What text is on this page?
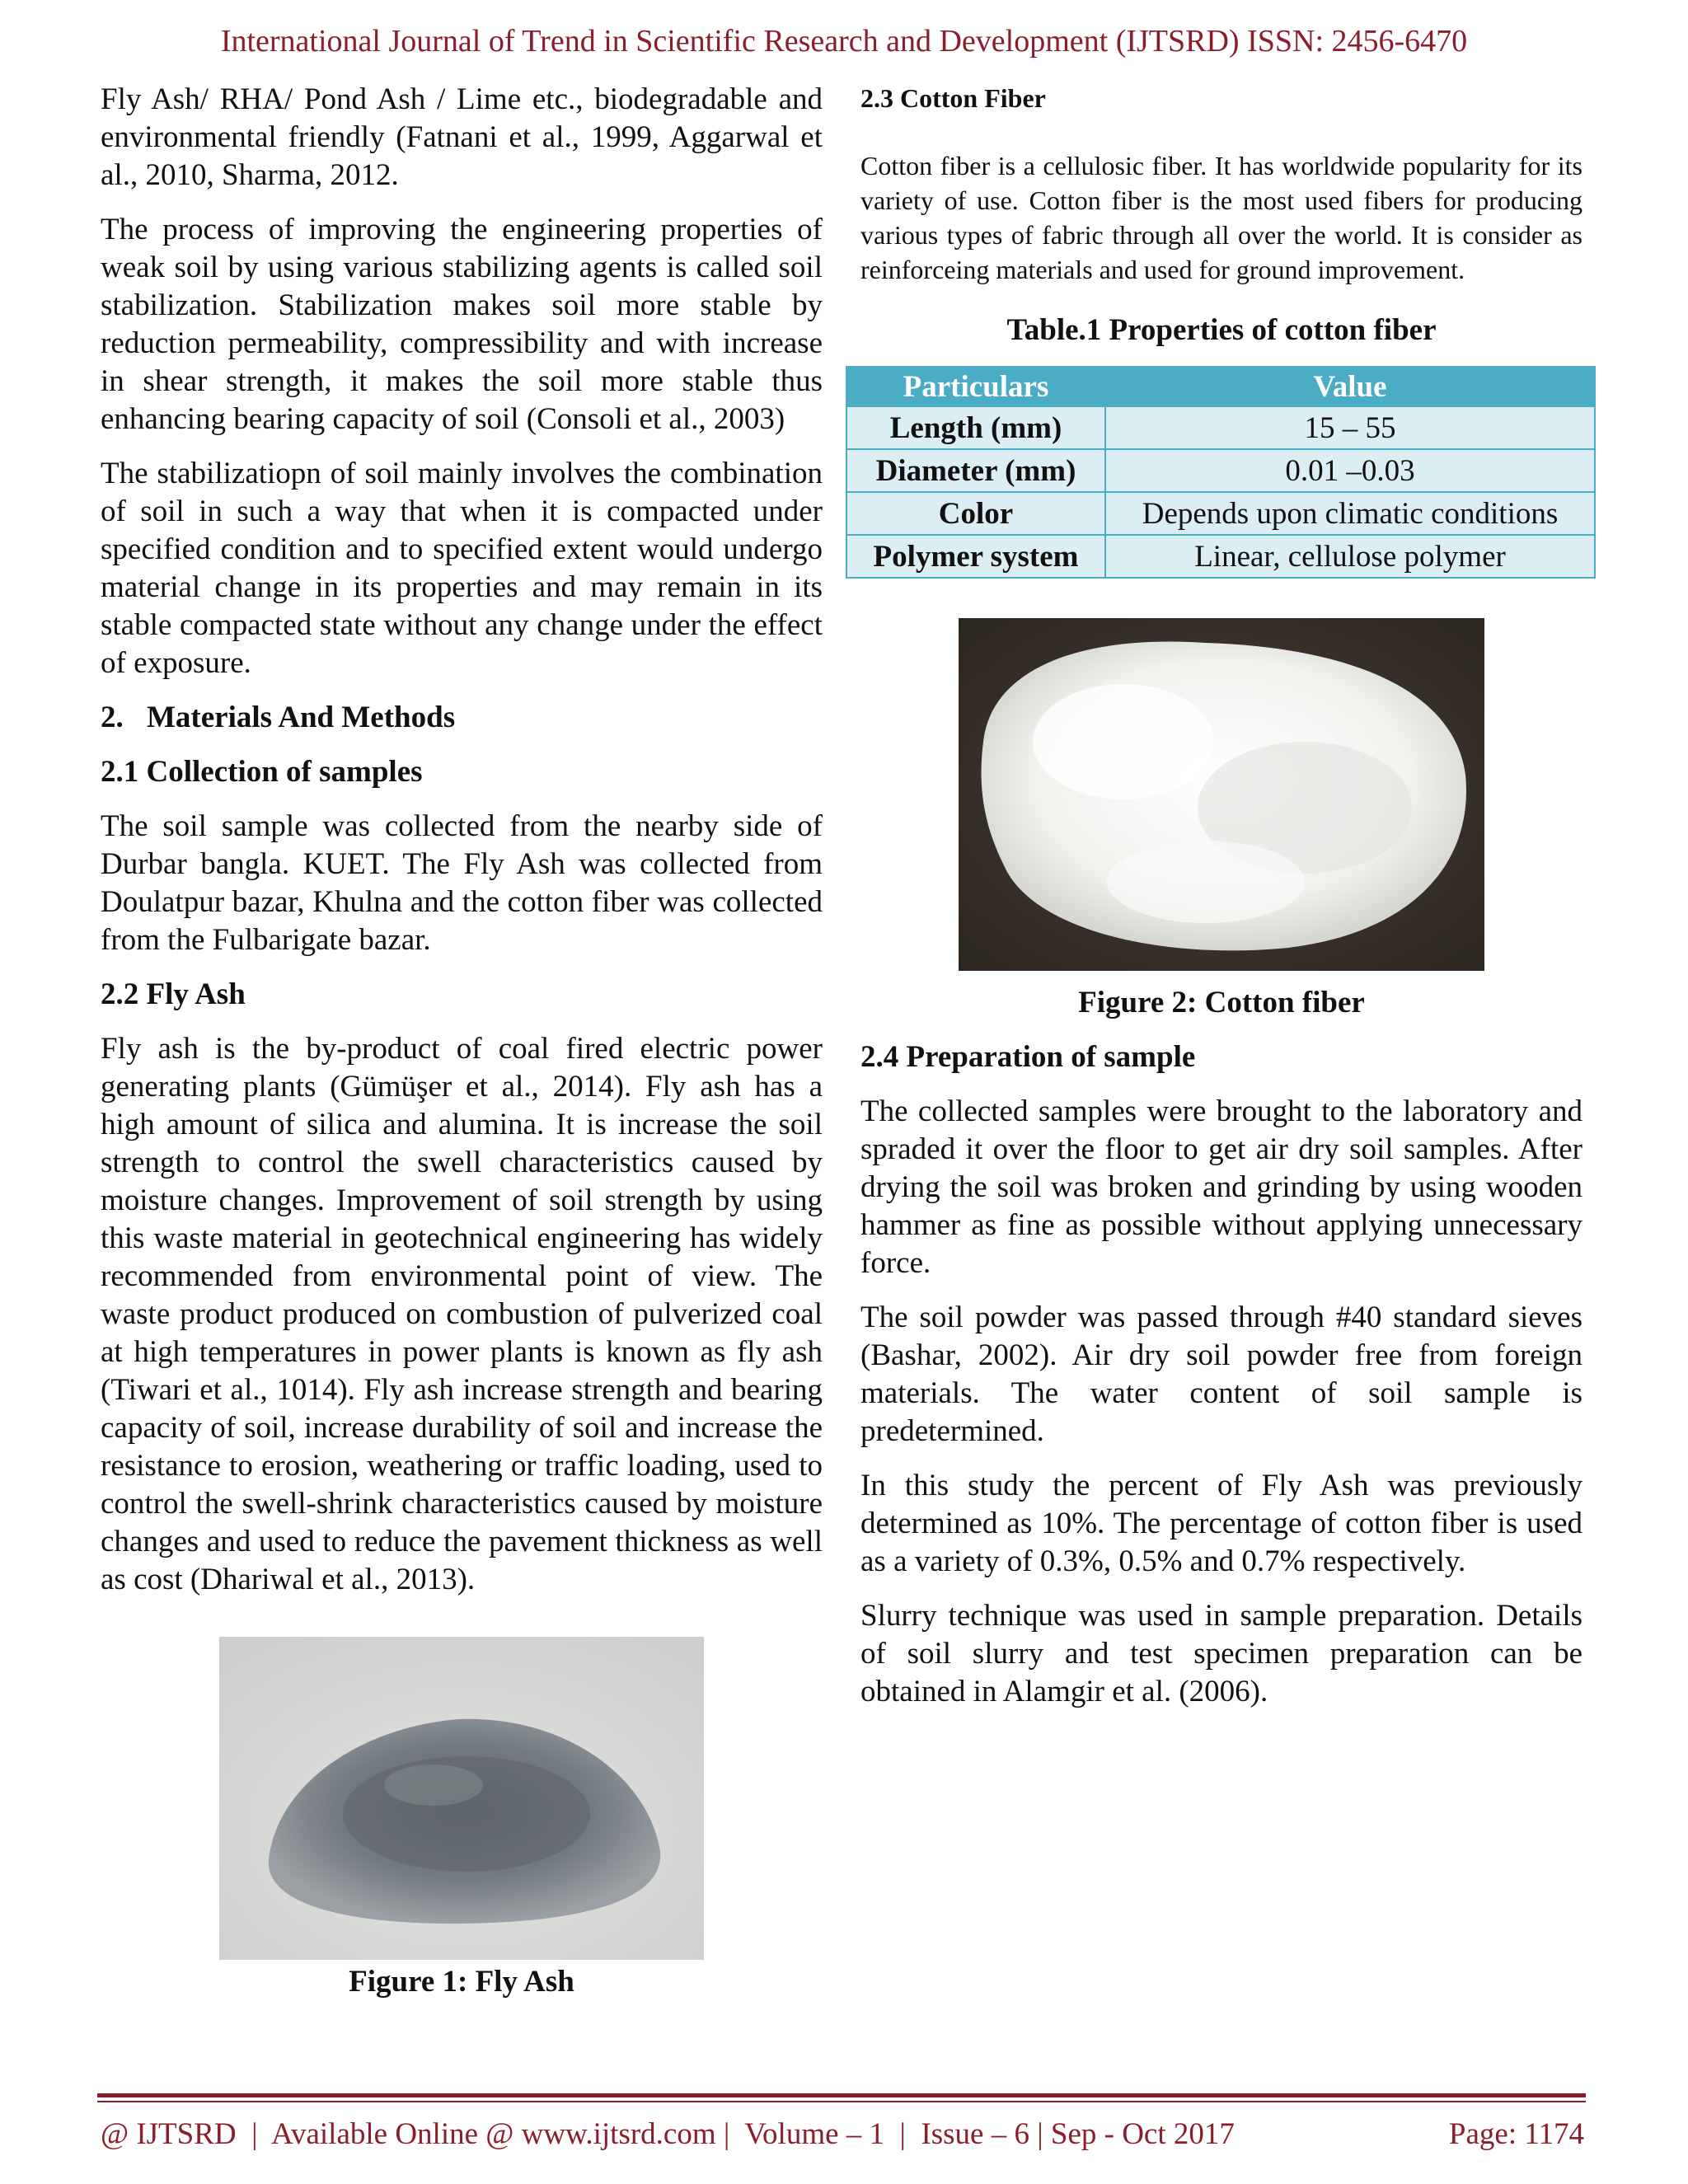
International Journal of Trend in Scientific Research and Development (IJTSRD) ISSN: 2456-6470

Fly Ash/ RHA/ Pond Ash / Lime etc., biodegradable and environmental friendly (Fatnani et al., 1999, Aggarwal et al., 2010, Sharma, 2012.

The process of improving the engineering properties of weak soil by using various stabilizing agents is called soil stabilization. Stabilization makes soil more stable by reduction permeability, compressibility and with increase in shear strength, it makes the soil more stable thus enhancing bearing capacity of soil (Consoli et al., 2003)

The stabilizatiopn of soil mainly involves the combination of soil in such a way that when it is compacted under specified condition and to specified extent would undergo material change in its properties and may remain in its stable compacted state without any change under the effect of exposure.

2. Materials And Methods
2.1 Collection of samples

The soil sample was collected from the nearby side of Durbar bangla. KUET. The Fly Ash was collected from Doulatpur bazar, Khulna and the cotton fiber was collected from the Fulbarigate bazar.

2.2 Fly Ash

Fly ash is the by-product of coal fired electric power generating plants (Gümüşer et al., 2014). Fly ash has a high amount of silica and alumina. It is increase the soil strength to control the swell characteristics caused by moisture changes. Improvement of soil strength by using this waste material in geotechnical engineering has widely recommended from environmental point of view. The waste product produced on combustion of pulverized coal at high temperatures in power plants is known as fly ash (Tiwari et al., 1014). Fly ash increase strength and bearing capacity of soil, increase durability of soil and increase the resistance to erosion, weathering or traffic loading, used to control the swell-shrink characteristics caused by moisture changes and used to reduce the pavement thickness as well as cost (Dhariwal et al., 2013).

Figure 1: Fly Ash
2.3 Cotton Fiber

Cotton fiber is a cellulosic fiber. It has worldwide popularity for its variety of use. Cotton fiber is the most used fibers for producing various types of fabric through all over the world. It is consider as reinforceing materials and used for ground improvement.

Table.1 Properties of cotton fiber
Particulars	Value
Length (mm)	15 – 55
Diameter (mm)	0.01 –0.03
Color	Depends upon climatic conditions
Polymer system	Linear, cellulose polymer
Figure 2: Cotton fiber
2.4 Preparation of sample

The collected samples were brought to the laboratory and spraded it over the floor to get air dry soil samples. After drying the soil was broken and grinding by using wooden hammer as fine as possible without applying unnecessary force.

The soil powder was passed through #40 standard sieves (Bashar, 2002). Air dry soil powder free from foreign materials. The water content of soil sample is predetermined.

In this study the percent of Fly Ash was previously determined as 10%. The percentage of cotton fiber is used as a variety of 0.3%, 0.5% and 0.7% respectively.

Slurry technique was used in sample preparation. Details of soil slurry and test specimen preparation can be obtained in Alamgir et al. (2006).

@ IJTSRD  |  Available Online @ www.ijtsrd.com |  Volume – 1  |  Issue – 6 | Sep - Oct 2017	Page: 1174
